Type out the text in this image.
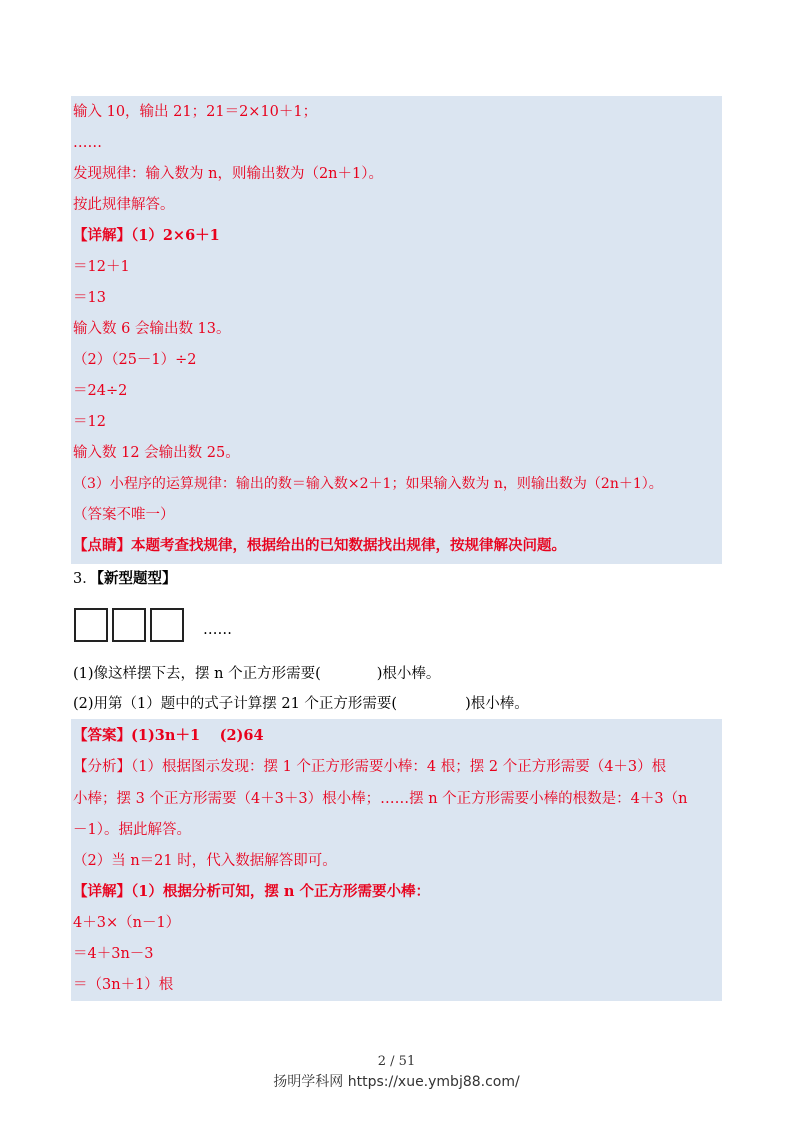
输入 10，输出 21；21＝2×10＋1；
……
发现规律：输入数为 n，则输出数为（2n＋1）。
按此规律解答。
【详解】（1）2×6＋1
＝12＋1
＝13
输入数 6 会输出数 13。
（2）（25－1）÷2
＝24÷2
＝12
输入数 12 会输出数 25。
（3）小程序的运算规律：输出的数＝输入数×2＋1；如果输入数为 n，则输出数为（2n＋1）。
（答案不唯一）
【点睛】本题考查找规律，根据给出的已知数据找出规律，按规律解决问题。
3．【新型题型】
……
(1)像这样摆下去，摆 n 个正方形需要(	)根小棒。
(2)用第（1）题中的式子计算摆 21 个正方形需要(	)根小棒。
【答案】(1)3n＋1　 (2)64
【分析】（1）根据图示发现：摆 1 个正方形需要小棒：4 根；摆 2 个正方形需要（4＋3）根
小棒；摆 3 个正方形需要（4＋3＋3）根小棒；……摆 n 个正方形需要小棒的根数是：4＋3（n
－1）。据此解答。
（2）当 n＝21 时，代入数据解答即可。
【详解】（1）根据分析可知，摆 n 个正方形需要小棒：
4＋3×（n－1）
＝4＋3n－3
＝（3n＋1）根
2 / 51
扬明学科网 https://xue.ymbj88.com/
